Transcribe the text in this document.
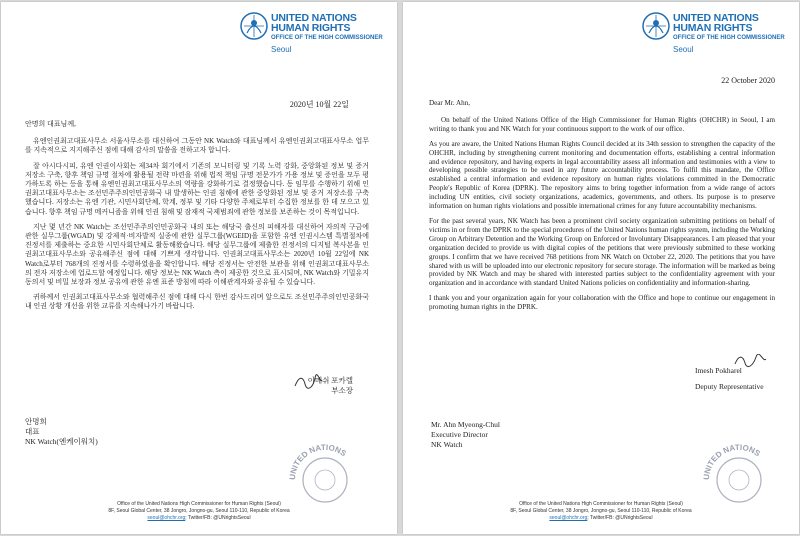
UNITED NATIONS
HUMAN RIGHTS
OFFICE OF THE HIGH COMMISSIONER
Seoul
2020년 10월 22일

안명희 대표님께,

유엔인권최고대표사무소 서울사무소를 대신하여 그동안 NK Watch와 대표님께서 유엔인권최고대표사무소 업무를 지속적으로 지지해주신 점에 대해 감사의 말씀을 전하고자 합니다.

잘 아시다시피, 유엔 인권이사회는 제34차 회기에서 기존의 모니터링 및 기록 노력 강화, 중앙화된 정보 및 증거 저장소 구축, 향후 책임 규명 절차에 활용될 전략 마련을 위해 법적 책임 규명 전문가가 가용 정보 및 증언을 모두 평가하도록 하는 등을 통해 유엔인권최고대표사무소의 역량을 강화하기로 결정했습니다. 동 임무를 수행하기 위해 인권최고대표사무소는 조선민주주의인민공화국 내 발생하는 인권 침해에 관한 중앙화된 정보 및 증거 저장소를 구축했습니다. 저장소는 유엔 기관, 시민사회단체, 학계, 정부 및 기타 다양한 주체로부터 수집한 정보를 한 데 모으고 있습니다. 향후 책임 규명 메커니즘을 위해 인권 침해 및 잠재적 국제범죄에 관한 정보를 보존하는 것이 목적입니다.

지난 몇 년간 NK Watch는 조선민주주의인민공화국 내의 또는 해당국 출신의 피해자를 대신하여 자의적 구금에 관한 실무그룹(WGAD) 및 강제적·비자발적 실종에 관한 실무그룹(WGEID)을 포함한 유엔 인권시스템 특별절차에 진정서를 제출하는 중요한 시민사회단체로 활동해왔습니다. 해당 실무그룹에 제출한 진정서의 디지털 복사본을 인권최고대표사무소와 공유해주신 점에 대해 기쁘게 생각합니다. 인권최고대표사무소는 2020년 10월 22일에 NK Watch로부터 768개의 진정서를 수령하였음을 확인합니다. 해당 진정서는 안전한 보관을 위해 인권최고대표사무소의 전자 저장소에 업로드할 예정입니다. 해당 정보는 NK Watch 측이 제공한 것으로 표시되며, NK Watch와 기밀유지 동의서 및 비밀 보장과 정보 공유에 관한 유엔 표준 방침에 따라 이해관계자와 공유될 수 있습니다.

귀하께서 인권최고대표사무소와 협력해주신 점에 대해 다시 한번 감사드리며 앞으로도 조선민주주의인민공화국 내 인권 상황 개선을 위한 교류를 지속해나가기 바랍니다.

이메쉬 포카렐
부소장
안명희
대표
NK Watch(엔케이워치)
NITED NATIONS
Office of the United Nations High Commissioner for Human Rights (Seoul)
8F, Seoul Global Center, 38 Jongro, Jongno-gu, Seoul 110-110, Republic of Korea
seoul@ohchr.org; Twitter/FB: @UNrightsSeoul
UNITED NATIONS
HUMAN RIGHTS
OFFICE OF THE HIGH COMMISSIONER
Seoul
22 October 2020

Dear Mr. Ahn,

On behalf of the United Nations Office of the High Commissioner for Human Rights (OHCHR) in Seoul, I am writing to thank you and NK Watch for your continuous support to the work of our office.

As you are aware, the United Nations Human Rights Council decided at its 34th session to strengthen the capacity of the OHCHR, including by strengthening current monitoring and documentation efforts, establishing a central information and evidence repository, and having experts in legal accountability assess all information and testimonies with a view to developing possible strategies to be used in any future accountability process. To fulfil this mandate, the Office established a central information and evidence repository on human rights violations committed in the Democratic People's Republic of Korea (DPRK). The repository aims to bring together information from a wide range of actors including UN entities, civil society organizations, academics, governments, and others. Its purpose is to preserve information on human rights violations and possible international crimes for any future accountability mechanisms.

For the past several years, NK Watch has been a prominent civil society organization submitting petitions on behalf of victims in or from the DPRK to the special procedures of the United Nations human rights system, including the Working Group on Arbitrary Detention and the Working Group on Enforced or Involuntary Disappearances. I am pleased that your organization decided to provide us with digital copies of the petitions that were previously submitted to these working groups. I confirm that we have received 768 petitions from NK Watch on October 22, 2020. The petitions that you have shared with us will be uploaded into our electronic repository for secure storage. The information will be marked as being provided by NK Watch and may be shared with interested parties subject to the confidentiality agreement with your organization and in accordance with standard United Nations policies on confidentiality and information-sharing.

I thank you and your organization again for your collaboration with the Office and hope to continue our engagement in promoting human rights in the DPRK.

Imesh Pokharel
Deputy Representative
Mr. Ahn Myeong-Chul
Executive Director
NK Watch
NITED NATIONS
Office of the United Nations High Commissioner for Human Rights (Seoul)
8F, Seoul Global Center, 38 Jongro, Jongno-gu, Seoul 110-110, Republic of Korea
seoul@ohchr.org; Twitter/FB: @UNrightsSeoul
